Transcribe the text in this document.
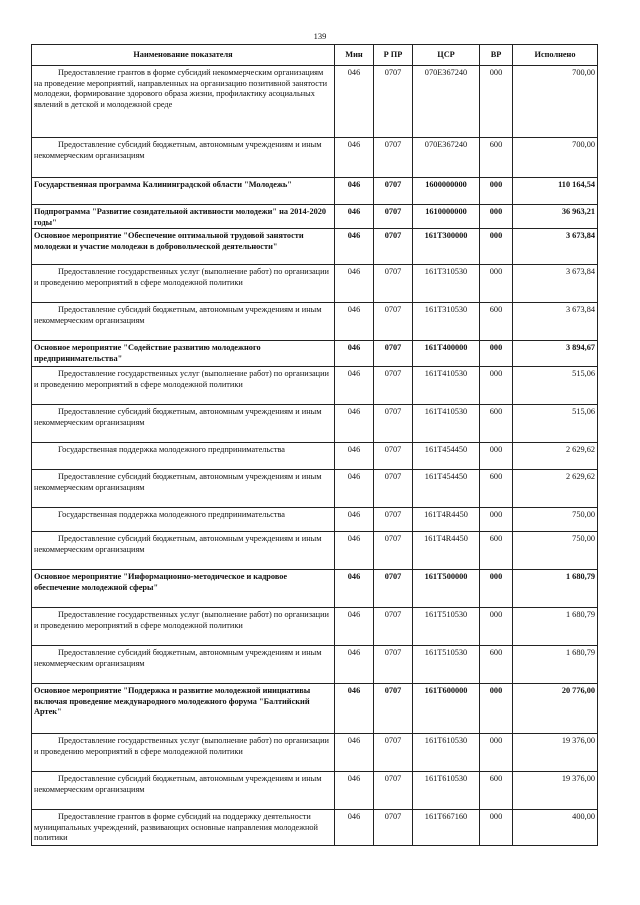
139
Наименование показателя	Мин	Р ПР	ЦСР	ВР	Исполнено
Предоставление грантов в форме субсидий некоммерческим организациям на проведение мероприятий, направленных на организацию позитивной занятости молодежи, формирование здорового образа жизни, профилактику асоциальных явлений в детской и молодежной среде	046	0707	070Е367240	000	700,00
Предоставление субсидий бюджетным, автономным учреждениям и иным некоммерческим организациям	046	0707	070Е367240	600	700,00
Государственная программа Калининградской области "Молодежь"	046	0707	1600000000	000	110 164,54
Подпрограмма "Развитие созидательной активности молодежи" на 2014-2020 годы"	046	0707	1610000000	000	36 963,21
Основное мероприятие "Обеспечение оптимальной трудовой занятости молодежи и участие молодежи в добровольческой деятельности"	046	0707	161Т300000	000	3 673,84
Предоставление государственных услуг (выполнение работ) по организации и проведению мероприятий в сфере молодежной политики	046	0707	161Т310530	000	3 673,84
Предоставление субсидий бюджетным, автономным учреждениям и иным некоммерческим организациям	046	0707	161Т310530	600	3 673,84
Основное мероприятие "Содействие развитию молодежного предпринимательства"	046	0707	161Т400000	000	3 894,67
Предоставление государственных услуг (выполнение работ) по организации и проведению мероприятий в сфере молодежной политики	046	0707	161Т410530	000	515,06
Предоставление субсидий бюджетным, автономным учреждениям и иным некоммерческим организациям	046	0707	161Т410530	600	515,06
Государственная поддержка молодежного предпринимательства	046	0707	161Т454450	000	2 629,62
Предоставление субсидий бюджетным, автономным учреждениям и иным некоммерческим организациям	046	0707	161Т454450	600	2 629,62
Государственная поддержка молодежного предпринимательства	046	0707	161Т4R4450	000	750,00
Предоставление субсидий бюджетным, автономным учреждениям и иным некоммерческим организациям	046	0707	161Т4R4450	600	750,00
Основное мероприятие "Информационно-методическое и кадровое обеспечение молодежной сферы"	046	0707	161Т500000	000	1 680,79
Предоставление государственных услуг (выполнение работ) по организации и проведению мероприятий в сфере молодежной политики	046	0707	161Т510530	000	1 680,79
Предоставление субсидий бюджетным, автономным учреждениям и иным некоммерческим организациям	046	0707	161Т510530	600	1 680,79
Основное мероприятие "Поддержка и развитие молодежной инициативы включая проведение международного молодежного форума "Балтийский Артек"	046	0707	161Т600000	000	20 776,00
Предоставление государственных услуг (выполнение работ) по организации и проведению мероприятий в сфере молодежной политики	046	0707	161Т610530	000	19 376,00
Предоставление субсидий бюджетным, автономным учреждениям и иным некоммерческим организациям	046	0707	161Т610530	600	19 376,00
Предоставление грантов в форме субсидий на поддержку деятельности муниципальных учреждений, развивающих основные направления молодежной политики	046	0707	161Т667160	000	400,00
